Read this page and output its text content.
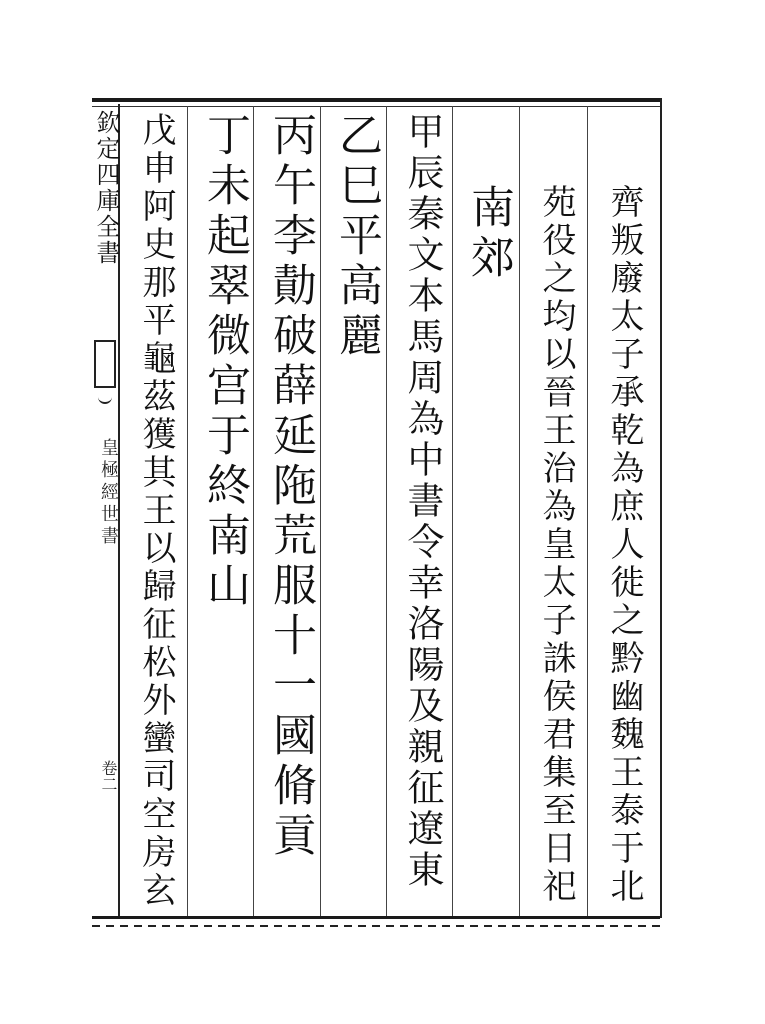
欽定四庫全書
皇極經世書
卷二	齊叛廢太子承乾為庶人徙之黔幽魏王泰于北
苑役之均以晉王治為皇太子誅侯君集至日祀
南郊
甲辰秦文本馬周為中書令幸洛陽及親征遼東
乙巳平高麗
丙午李勣破薛延陁荒服十一國脩貢
丁未起翠微宫于終南山
戊申阿史那平龜茲獲其王以歸征松外蠻司空房玄
